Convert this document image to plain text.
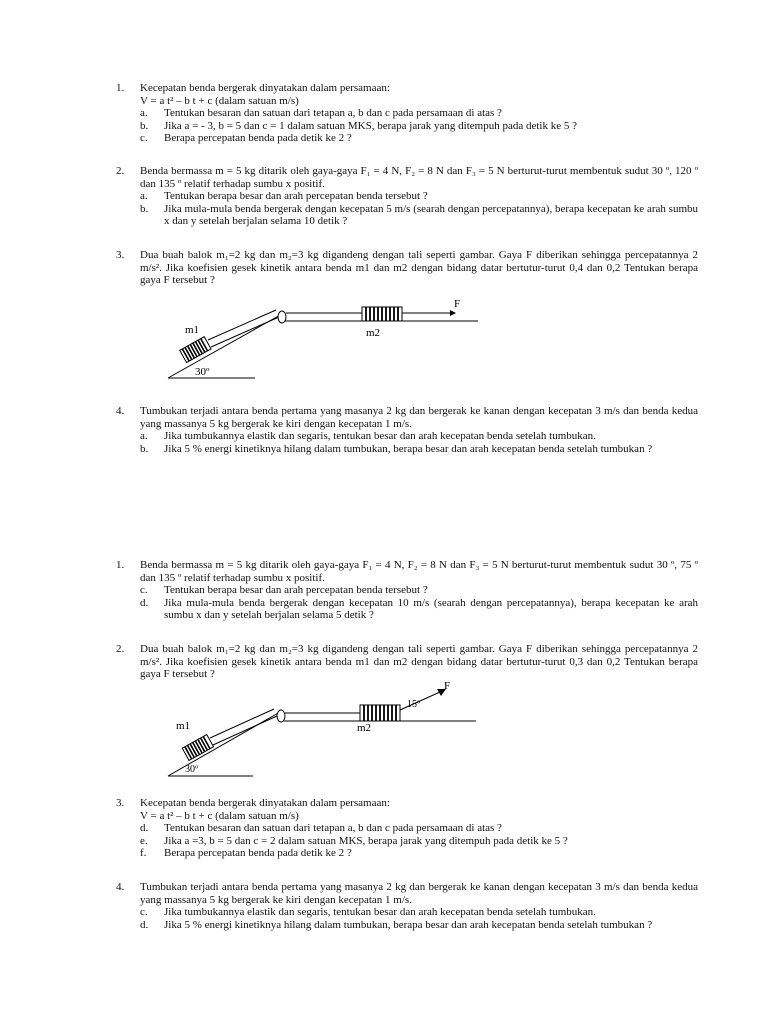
1. Kecepatan benda bergerak dinyatakan dalam persamaan:
V = a t² – b t + c (dalam satuan m/s)
a. Tentukan besaran dan satuan dari tetapan a, b dan c pada persamaan di atas ?
b. Jika a = - 3, b = 5 dan c = 1 dalam satuan MKS, berapa jarak yang ditempuh pada detik ke 5 ?
c. Berapa percepatan benda pada detik ke 2 ?
2. Benda bermassa m = 5 kg ditarik oleh gaya-gaya F₁ = 4 N, F₂ = 8 N dan F₃ = 5 N berturut-turut membentuk sudut 30 º, 120 º dan 135 º relatif terhadap sumbu x positif.
a. Tentukan berapa besar dan arah percepatan benda tersebut ?
b. Jika mula-mula benda bergerak dengan kecepatan 5 m/s (searah dengan percepatannya), berapa kecepatan ke arah sumbu x dan y setelah berjalan selama 10 detik ?
3. Dua buah balok m₁=2 kg dan m₂=3 kg digandeng dengan tali seperti gambar. Gaya F diberikan sehingga percepatannya 2 m/s². Jika koefisien gesek kinetik antara benda m1 dan m2 dengan bidang datar bertutur-turut 0,4 dan 0,2 Tentukan berapa gaya F tersebut ?
F
m1	m2
30º
4. Tumbukan terjadi antara benda pertama yang masanya 2 kg dan bergerak ke kanan dengan kecepatan 3 m/s dan benda kedua yang massanya 5 kg bergerak ke kiri dengan kecepatan 1 m/s.
a. Jika tumbukannya elastik dan segaris, tentukan besar dan arah kecepatan benda setelah tumbukan.
b. Jika 5 % energi kinetiknya hilang dalam tumbukan, berapa besar dan arah kecepatan benda setelah tumbukan ?
1. Benda bermassa m = 5 kg ditarik oleh gaya-gaya F₁ = 4 N, F₂ = 8 N dan F₃ = 5 N berturut-turut membentuk sudut 30 º, 75 º dan 135 º relatif terhadap sumbu x positif.
c. Tentukan berapa besar dan arah percepatan benda tersebut ?
d. Jika mula-mula benda bergerak dengan kecepatan 10 m/s (searah dengan percepatannya), berapa kecepatan ke arah sumbu x dan y setelah berjalan selama 5 detik ?
2. Dua buah balok m₁=2 kg dan m₂=3 kg digandeng dengan tali seperti gambar. Gaya F diberikan sehingga percepatannya 2 m/s². Jika koefisien gesek kinetik antara benda m1 dan m2 dengan bidang datar bertutur-turut 0,3 dan 0,2 Tentukan berapa gaya F tersebut ?
F
15º
m1	m2
30º
3. Kecepatan benda bergerak dinyatakan dalam persamaan:
V = a t² – b t + c (dalam satuan m/s)
d. Tentukan besaran dan satuan dari tetapan a, b dan c pada persamaan di atas ?
e. Jika a =3, b = 5 dan c = 2 dalam satuan MKS, berapa jarak yang ditempuh pada detik ke 5 ?
f. Berapa percepatan benda pada detik ke 2 ?
4. Tumbukan terjadi antara benda pertama yang masanya 2 kg dan bergerak ke kanan dengan kecepatan 3 m/s dan benda kedua yang massanya 5 kg bergerak ke kiri dengan kecepatan 1 m/s.
c. Jika tumbukannya elastik dan segaris, tentukan besar dan arah kecepatan benda setelah tumbukan.
d. Jika 5 % energi kinetiknya hilang dalam tumbukan, berapa besar dan arah kecepatan benda setelah tumbukan ?
